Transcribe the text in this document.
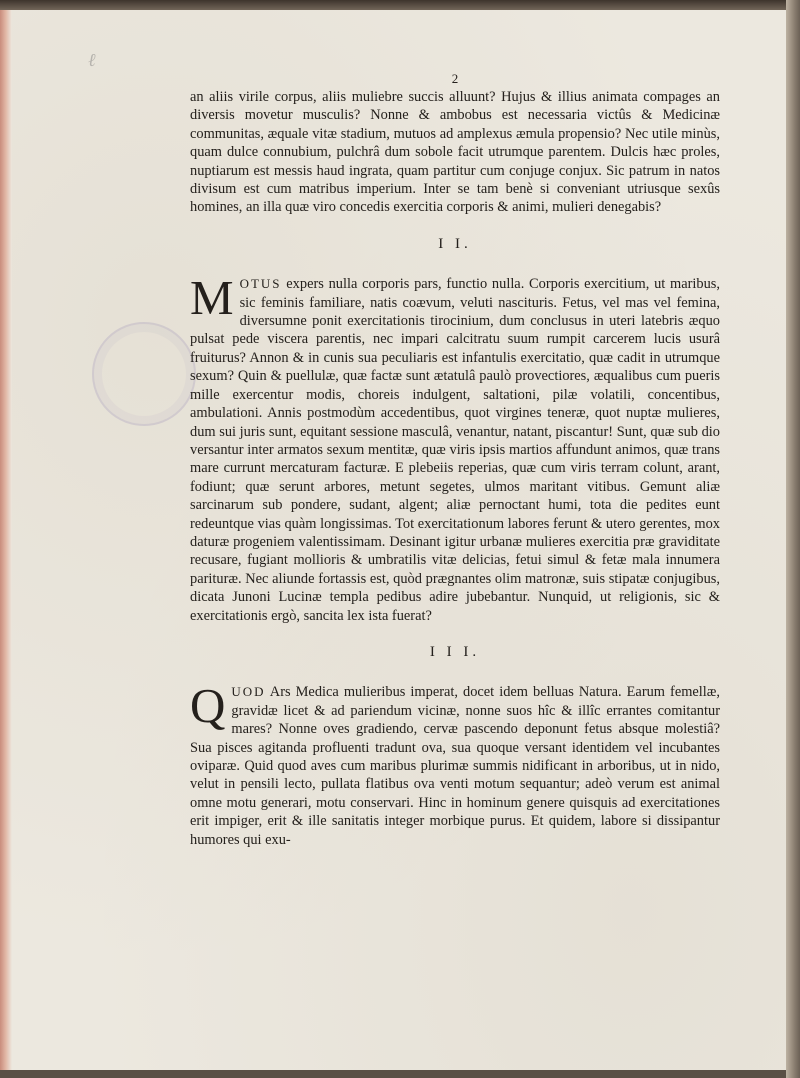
ℓ
2

an aliis virile corpus, aliis muliebre succis alluunt? Hujus & illius animata compages an diversis movetur musculis? Nonne & ambobus est necessaria victûs & Medicinæ communitas, æquale vitæ stadium, mutuos ad amplexus æmula propensio? Nec utile minùs, quam dulce connubium, pulchrâ dum sobole facit utrumque parentem. Dulcis hæc proles, nuptiarum est messis haud ingrata, quam partitur cum conjuge conjux. Sic patrum in natos divisum est cum matribus imperium. Inter se tam benè si conveniant utriusque sexûs homines, an illa quæ viro concedis exercitia corporis & animi, mulieri denegabis?

I I.

MOTUS expers nulla corporis pars, functio nulla. Corporis exercitium, ut maribus, sic feminis familiare, natis coævum, veluti nascituris. Fetus, vel mas vel femina, diversumne ponit exercitationis tirocinium, dum conclusus in uteri latebris æquo pulsat pede viscera parentis, nec impari calcitratu suum rumpit carcerem lucis usurâ fruiturus? Annon & in cunis sua peculiaris est infantulis exercitatio, quæ cadit in utrumque sexum? Quin & puellulæ, quæ factæ sunt ætatulâ paulò provectiores, æqualibus cum pueris mille exercentur modis, choreis indulgent, saltationi, pilæ volatili, concentibus, ambulationi. Annis postmodùm accedentibus, quot virgines teneræ, quot nuptæ mulieres, dum sui juris sunt, equitant sessione masculâ, venantur, natant, piscantur! Sunt, quæ sub dio versantur inter armatos sexum mentitæ, quæ viris ipsis martios affundunt animos, quæ trans mare currunt mercaturam facturæ. E plebeiis reperias, quæ cum viris terram colunt, arant, fodiunt; quæ serunt arbores, metunt segetes, ulmos maritant vitibus. Gemunt aliæ sarcinarum sub pondere, sudant, algent; aliæ pernoctant humi, tota die pedites eunt redeuntque vias quàm longissimas. Tot exercitationum labores ferunt & utero gerentes, mox daturæ progeniem valentissimam. Desinant igitur urbanæ mulieres exercitia præ graviditate recusare, fugiant mollioris & umbratilis vitæ delicias, fetui simul & fetæ mala innumera parituræ. Nec aliunde fortassis est, quòd prægnantes olim matronæ, suis stipatæ conjugibus, dicata Junoni Lucinæ templa pedibus adire jubebantur. Nunquid, ut religionis, sic & exercitationis ergò, sancita lex ista fuerat?

I I I.

QUOD Ars Medica mulieribus imperat, docet idem belluas Natura. Earum femellæ, gravidæ licet & ad pariendum vicinæ, nonne suos hîc & illîc errantes comitantur mares? Nonne oves gradiendo, cervæ pascendo deponunt fetus absque molestiâ? Sua pisces agitanda profluenti tradunt ova, sua quoque versant identidem vel incubantes oviparæ. Quid quod aves cum maribus plurimæ summis nidificant in arboribus, ut in nido, velut in pensili lecto, pullata flatibus ova venti motum sequantur; adeò verum est animal omne motu generari, motu conservari. Hinc in hominum genere quisquis ad exercitationes erit impiger, erit & ille sanitatis integer morbique purus. Et quidem, labore si dissipantur humores qui exu-
